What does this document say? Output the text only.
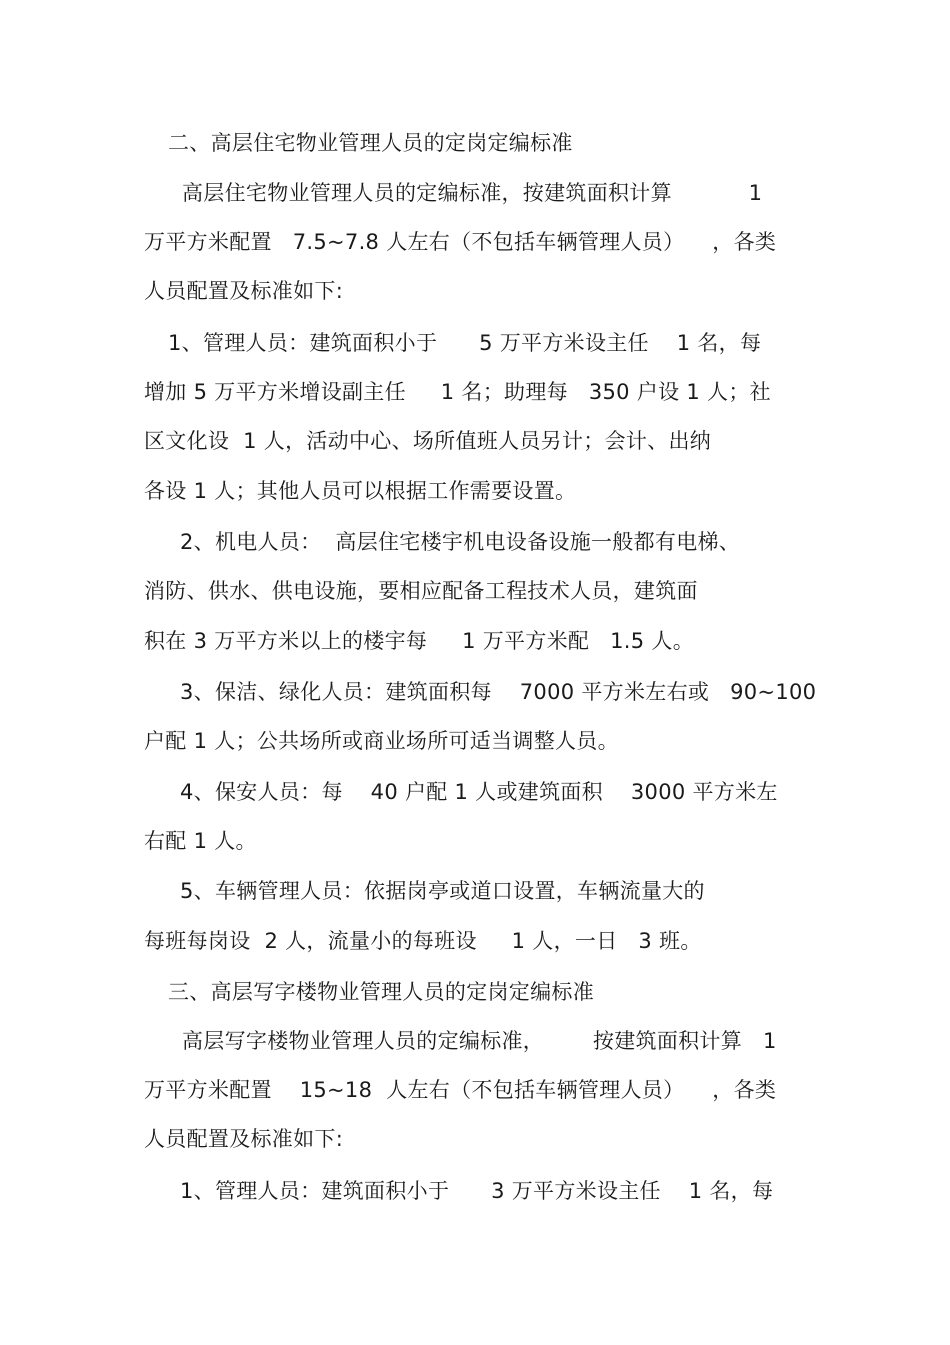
二、高层住宅物业管理人员的定岗定编标准
高层住宅物业管理人员的定编标准，按建筑面积计算           1
万平方米配置   7.5~7.8 人左右（不包括车辆管理人员）    ，各类
人员配置及标准如下:
1、管理人员：建筑面积小于      5 万平方米设主任    1 名，每
增加 5 万平方米增设副主任     1 名；助理每   350 户设 1 人；社
区文化设  1 人，活动中心、场所值班人员另计；会计、出纳
各设 1 人；其他人员可以根据工作需要设置。
2、机电人员：  高层住宅楼宇机电设备设施一般都有电梯、
消防、供水、供电设施，要相应配备工程技术人员，建筑面
积在 3 万平方米以上的楼宇每     1 万平方米配   1.5 人。
3、保洁、绿化人员：建筑面积每    7000 平方米左右或   90~100
户配 1 人；公共场所或商业场所可适当调整人员。
4、保安人员：每    40 户配 1 人或建筑面积    3000 平方米左
右配 1 人。
5、车辆管理人员：依据岗亭或道口设置，车辆流量大的
每班每岗设  2 人，流量小的每班设     1 人，一日   3 班。
三、高层写字楼物业管理人员的定岗定编标准
高层写字楼物业管理人员的定编标准，       按建筑面积计算   1
万平方米配置    15~18  人左右（不包括车辆管理人员）    ，各类
人员配置及标准如下:
1、管理人员：建筑面积小于      3 万平方米设主任    1 名，每
